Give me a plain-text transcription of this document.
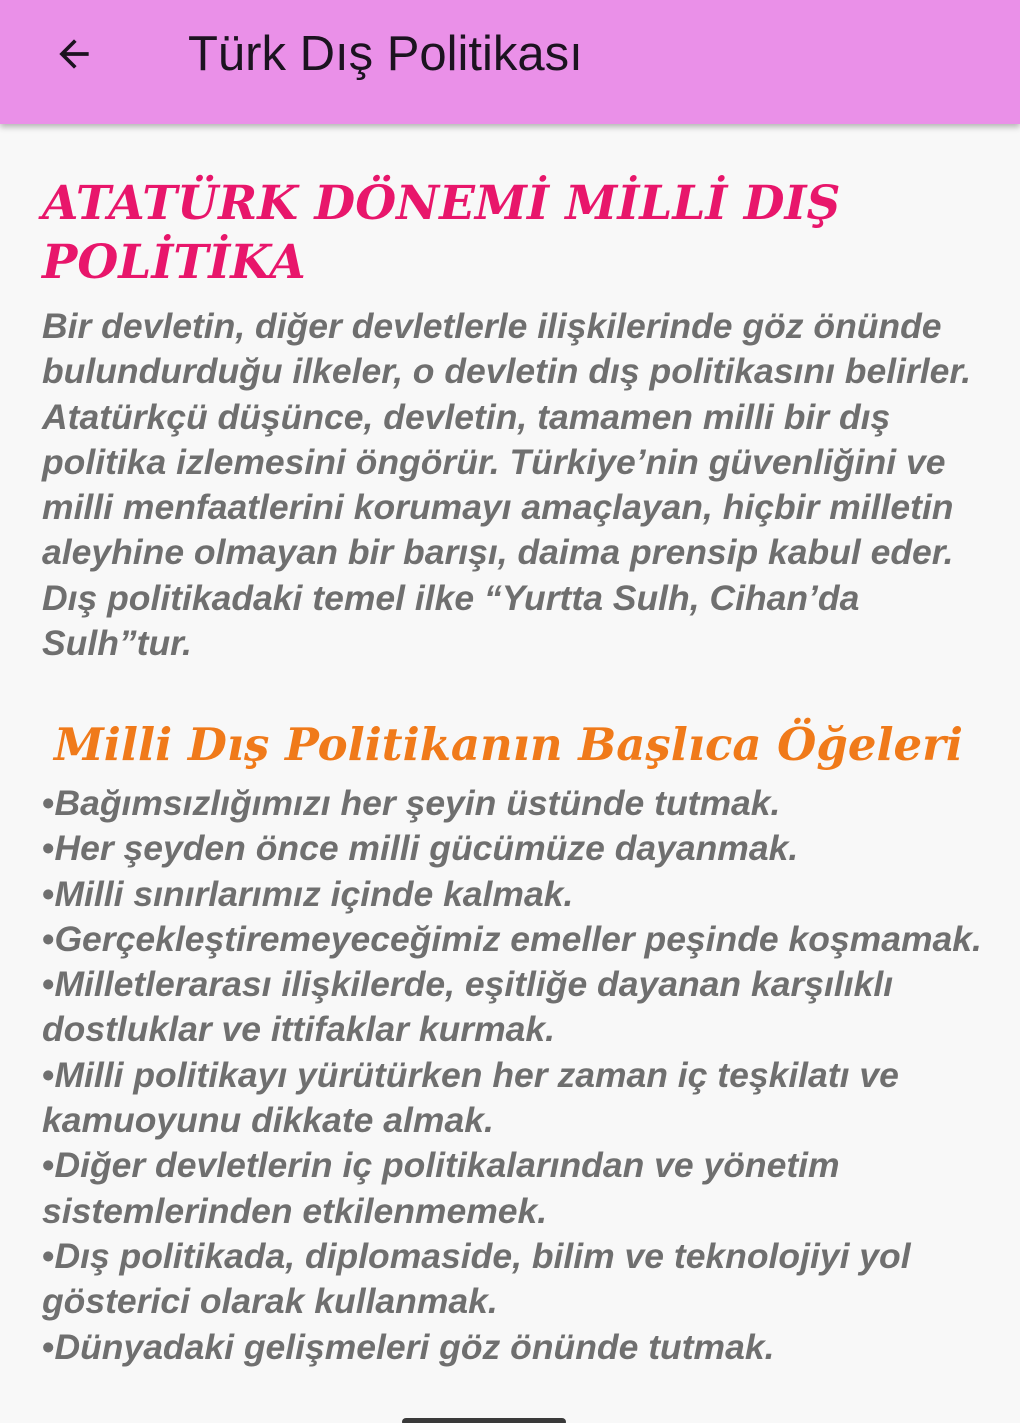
Türk Dış Politikası
ATATÜRK DÖNEMİ MİLLİ DIŞ POLİTİKA

Bir devletin, diğer devletlerle ilişkilerinde göz önünde bulundurduğu ilkeler, o devletin dış politikasını belirler. Atatürkçü düşünce, devletin, tamamen milli bir dış politika izlemesini öngörür. Türkiye’nin güvenliğini ve milli menfaatlerini korumayı amaçlayan, hiçbir milletin aleyhine olmayan bir barışı, daima prensip kabul eder. Dış politikadaki temel ilke “Yurtta Sulh, Cihan’da Sulh”tur.

Milli Dış Politikanın Başlıca Öğeleri
•Bağımsızlığımızı her şeyin üstünde tutmak.
•Her şeyden önce milli gücümüze dayanmak.
•Milli sınırlarımız içinde kalmak.
•Gerçekleştiremeyeceğimiz emeller peşinde koşmamak.
•Milletlerarası ilişkilerde, eşitliğe dayanan karşılıklı dostluklar ve ittifaklar kurmak.
•Milli politikayı yürütürken her zaman iç teşkilatı ve kamuoyunu dikkate almak.
•Diğer devletlerin iç politikalarından ve yönetim sistemlerinden etkilenmemek.
•Dış politikada, diplomaside, bilim ve teknolojiyi yol gösterici olarak kullanmak.
•Dünyadaki gelişmeleri göz önünde tutmak.
